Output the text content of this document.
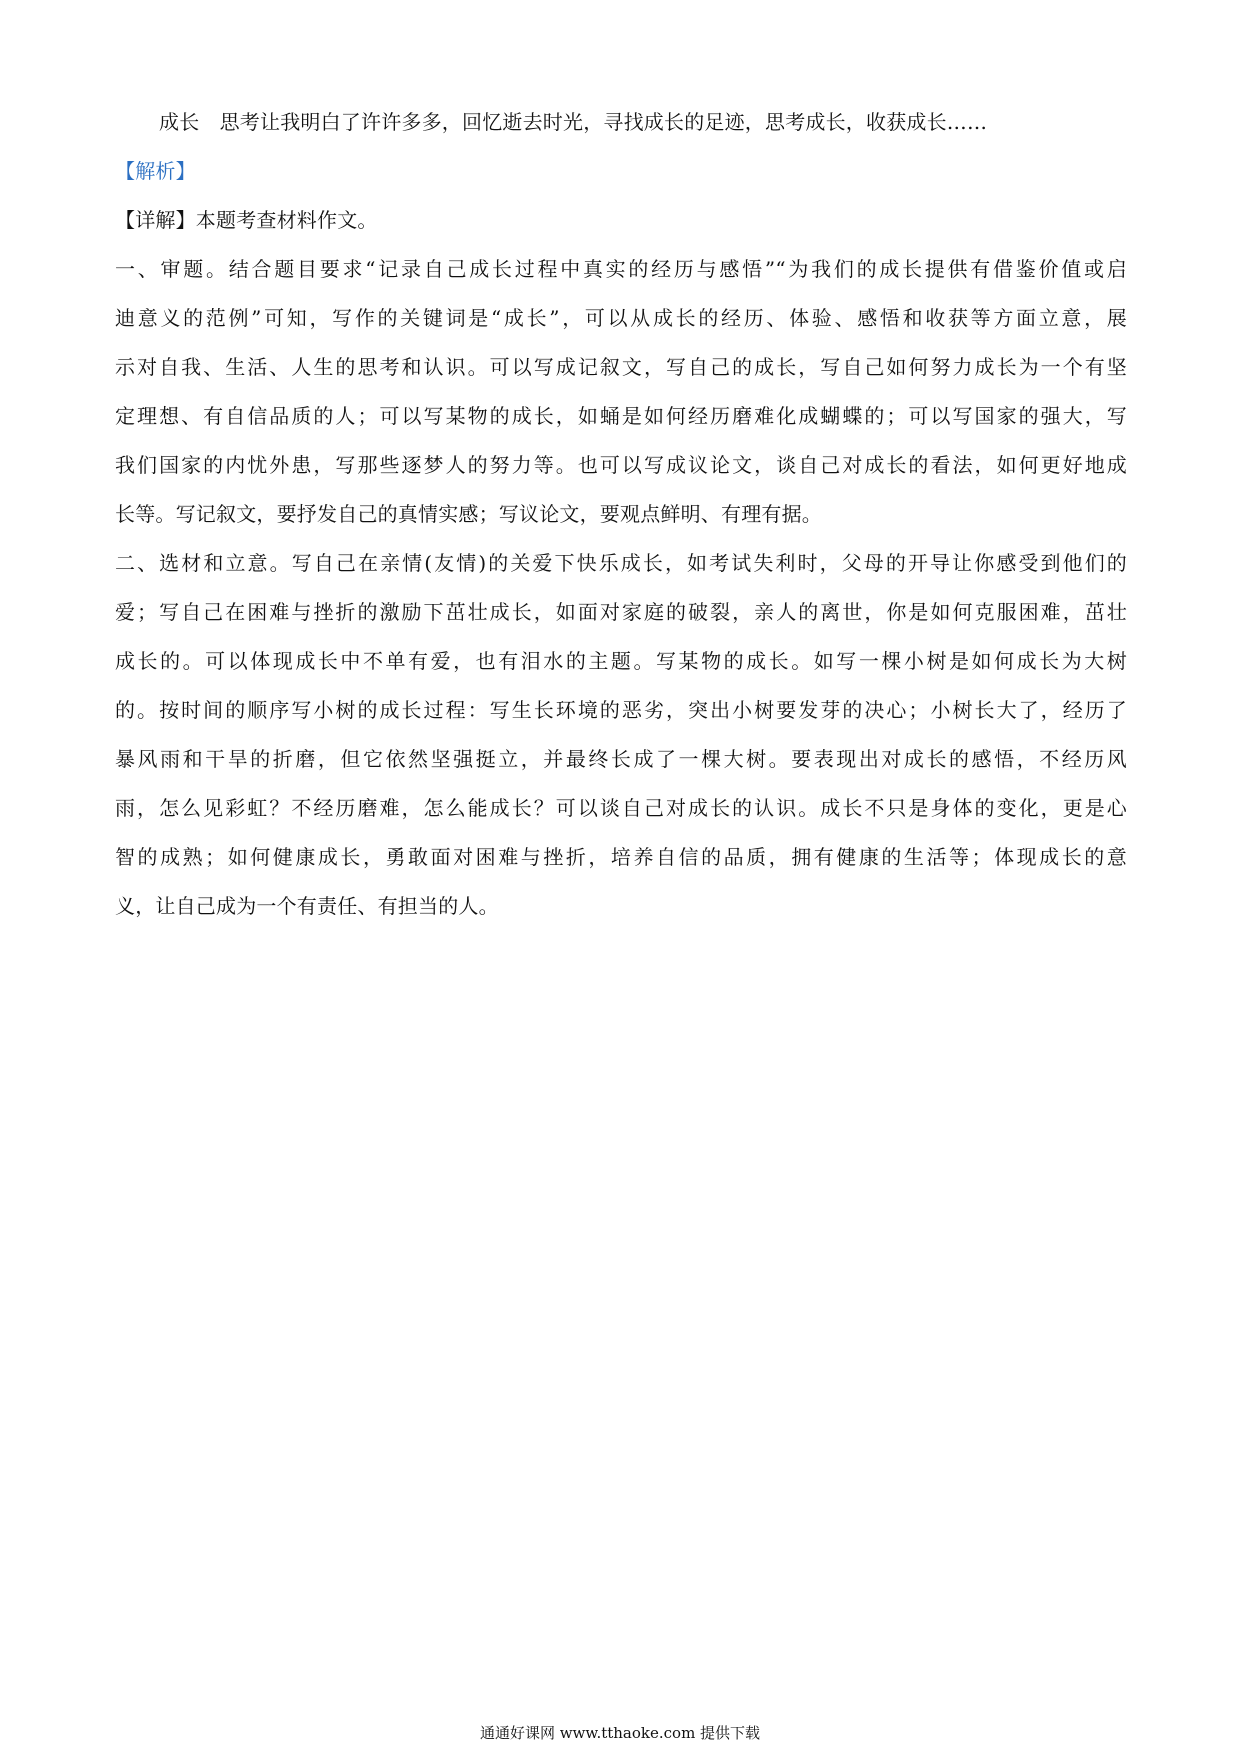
成长　思考让我明白了许许多多，回忆逝去时光，寻找成长的足迹，思考成长，收获成长……
【解析】
【详解】本题考查材料作文。
一、审题。结合题目要求“记录自己成长过程中真实的经历与感悟”“为我们的成长提供有借鉴价值或启
迪意义的范例”可知，写作的关键词是“成长”，可以从成长的经历、体验、感悟和收获等方面立意，展
示对自我、生活、人生的思考和认识。可以写成记叙文，写自己的成长，写自己如何努力成长为一个有坚
定理想、有自信品质的人；可以写某物的成长，如蛹是如何经历磨难化成蝴蝶的；可以写国家的强大，写
我们国家的内忧外患，写那些逐梦人的努力等。也可以写成议论文，谈自己对成长的看法，如何更好地成
长等。写记叙文，要抒发自己的真情实感；写议论文，要观点鲜明、有理有据。
二、选材和立意。写自己在亲情(友情)的关爱下快乐成长，如考试失利时，父母的开导让你感受到他们的
爱；写自己在困难与挫折的激励下茁壮成长，如面对家庭的破裂，亲人的离世，你是如何克服困难，茁壮
成长的。可以体现成长中不单有爱，也有泪水的主题。写某物的成长。如写一棵小树是如何成长为大树
的。按时间的顺序写小树的成长过程：写生长环境的恶劣，突出小树要发芽的决心；小树长大了，经历了
暴风雨和干旱的折磨，但它依然坚强挺立，并最终长成了一棵大树。要表现出对成长的感悟，不经历风
雨，怎么见彩虹？不经历磨难，怎么能成长？可以谈自己对成长的认识。成长不只是身体的变化，更是心
智的成熟；如何健康成长，勇敢面对困难与挫折，培养自信的品质，拥有健康的生活等；体现成长的意
义，让自己成为一个有责任、有担当的人。
通通好课网 www.tthaoke.com 提供下载
